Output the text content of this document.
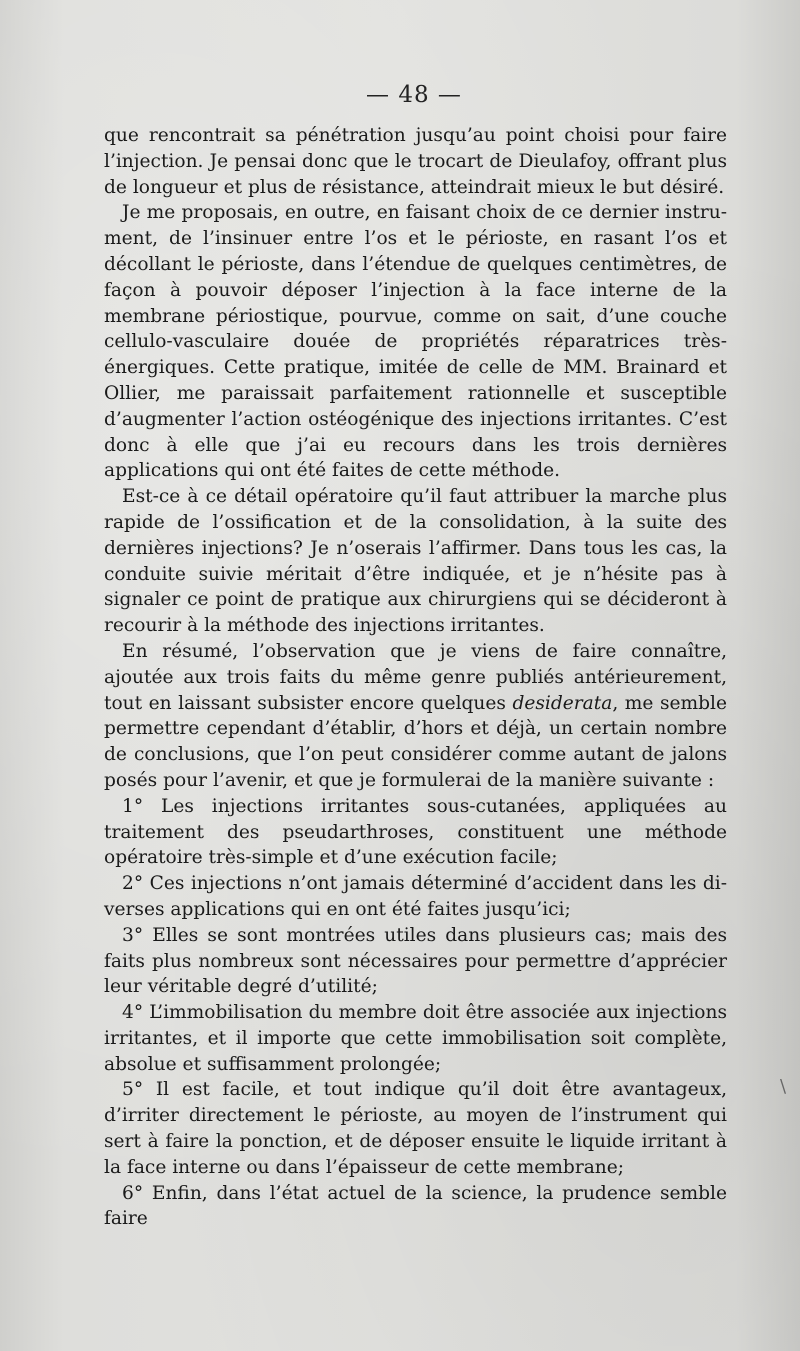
— 48 —

que rencontrait sa pénétration jusqu’au point choisi pour faire l’injection. Je pensai donc que le trocart de Dieulafoy, offrant plus de longueur et plus de résistance, atteindrait mieux le but désiré.

Je me proposais, en outre, en faisant choix de ce dernier instrument, de l’insinuer entre l’os et le périoste, en rasant l’os et décollant le périoste, dans l’étendue de quelques centimètres, de façon à pouvoir déposer l’injection à la face interne de la membrane périostique, pourvue, comme on sait, d’une couche cellulo-vasculaire douée de propriétés réparatrices très-énergiques. Cette pratique, imitée de celle de MM. Brainard et Ollier, me paraissait parfaitement rationnelle et susceptible d’augmenter l’action ostéogénique des injections irritantes. C’est donc à elle que j’ai eu recours dans les trois dernières applications qui ont été faites de cette méthode.

Est-ce à ce détail opératoire qu’il faut attribuer la marche plus rapide de l’ossification et de la consolidation, à la suite des dernières injections? Je n’oserais l’affirmer. Dans tous les cas, la conduite suivie méritait d’être indiquée, et je n’hésite pas à signaler ce point de pratique aux chirurgiens qui se décideront à recourir à la méthode des injections irritantes.

En résumé, l’observation que je viens de faire connaître, ajoutée aux trois faits du même genre publiés antérieurement, tout en laissant subsister encore quelques desiderata, me semble permettre cependant d’établir, d’hors et déjà, un certain nombre de conclusions, que l’on peut considérer comme autant de jalons posés pour l’avenir, et que je formulerai de la manière suivante :

1° Les injections irritantes sous-cutanées, appliquées au traitement des pseudarthroses, constituent une méthode opératoire très-simple et d’une exécution facile;

2° Ces injections n’ont jamais déterminé d’accident dans les diverses applications qui en ont été faites jusqu’ici;

3° Elles se sont montrées utiles dans plusieurs cas; mais des faits plus nombreux sont nécessaires pour permettre d’apprécier leur véritable degré d’utilité;

4° L’immobilisation du membre doit être associée aux injections irritantes, et il importe que cette immobilisation soit complète, absolue et suffisamment prolongée;

5° Il est facile, et tout indique qu’il doit être avantageux, d’irriter directement le périoste, au moyen de l’instrument qui sert à faire la ponction, et de déposer ensuite le liquide irritant à la face interne ou dans l’épaisseur de cette membrane;

6° Enfin, dans l’état actuel de la science, la prudence semble faire

\
